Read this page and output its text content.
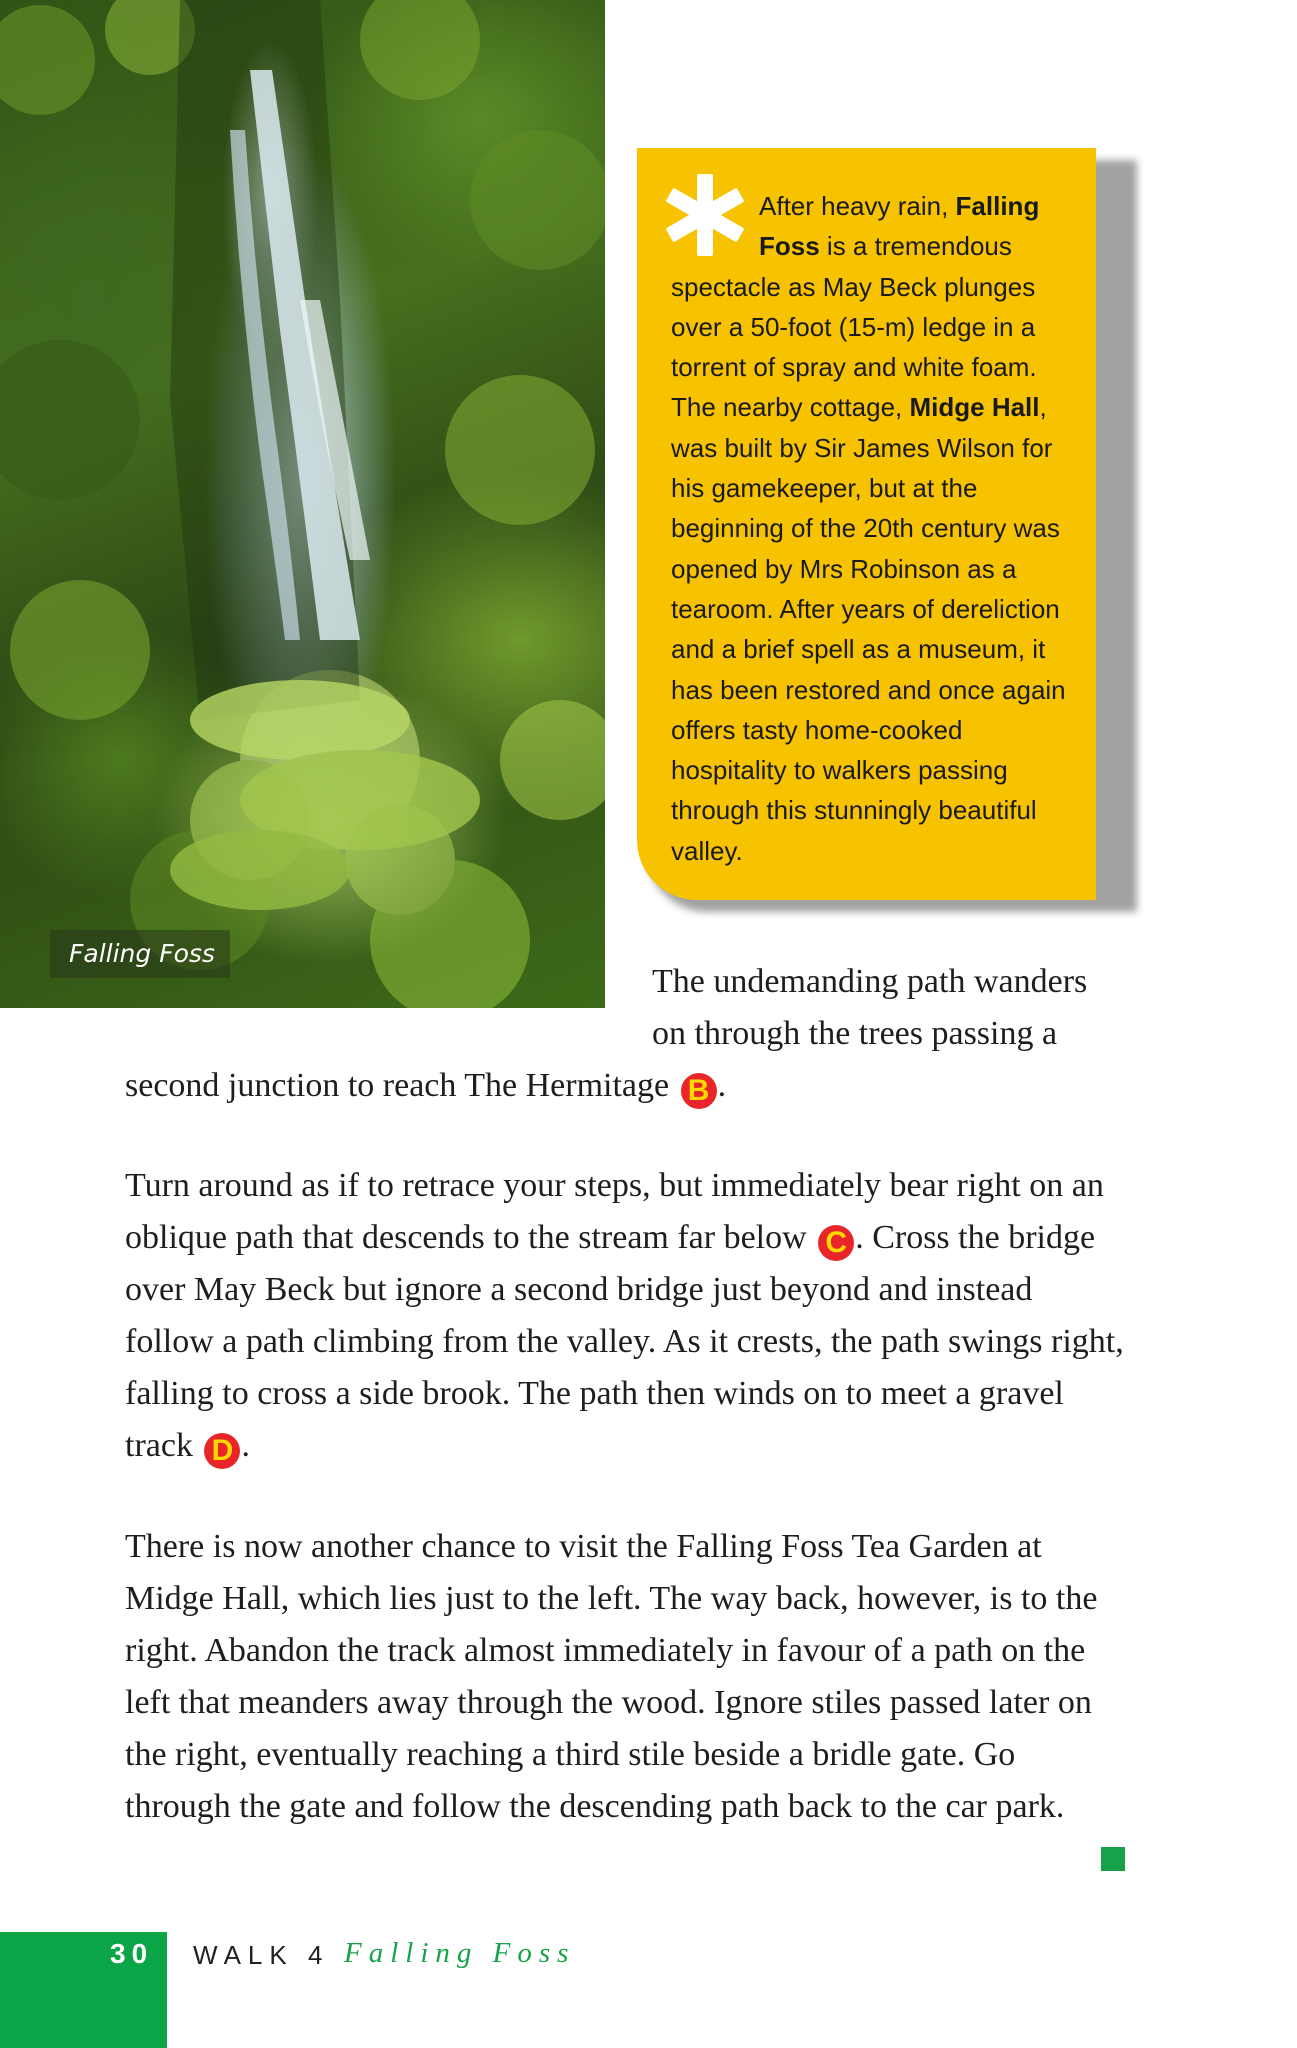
Falling Foss
After heavy rain, Falling Foss is a tremendous spectacle as May Beck plunges over a 50-foot (15-m) ledge in a torrent of spray and white foam. The nearby cottage, Midge Hall, was built by Sir James Wilson for his gamekeeper, but at the beginning of the 20th century was opened by Mrs Robinson as a tearoom. After years of dereliction and a brief spell as a museum, it has been restored and once again offers tasty home-cooked hospitality to walkers passing through this stunningly beautiful valley.
The undemanding path wanders
on through the trees passing a
second junction to reach The Hermitage B .
Turn around as if to retrace your steps, but immediately bear right on an oblique path that descends to the stream far below C . Cross the bridge over May Beck but ignore a second bridge just beyond and instead follow a path climbing from the valley. As it crests, the path swings right, falling to cross a side brook. The path then winds on to meet a gravel track D .
There is now another chance to visit the Falling Foss Tea Garden at Midge Hall, which lies just to the left. The way back, however, is to the right. Abandon the track almost immediately in favour of a path on the left that meanders away through the wood. Ignore stiles passed later on the right, eventually reaching a third stile beside a bridle gate. Go through the gate and follow the descending path back to the car park.
30 WALK 4 Falling Foss
